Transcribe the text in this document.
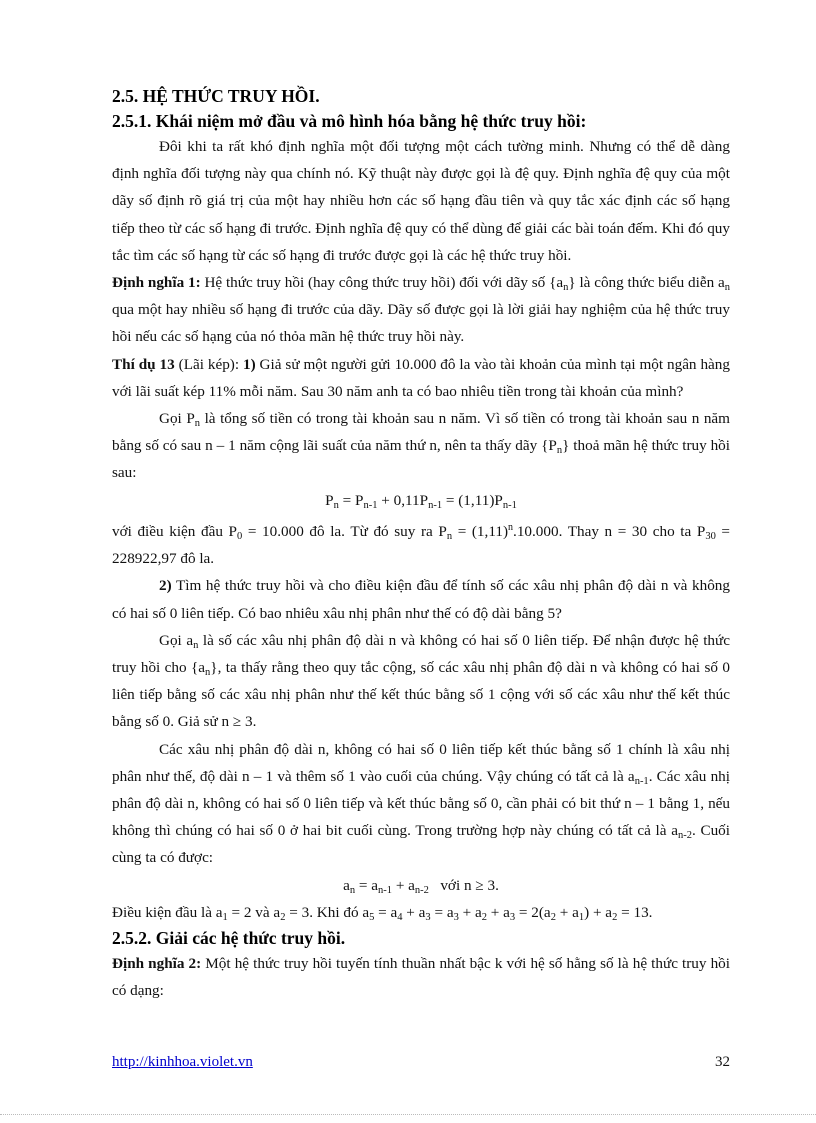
2.5. HỆ THỨC TRUY HỒI.
2.5.1. Khái niệm mở đầu và mô hình hóa bằng hệ thức truy hồi:

Đôi khi ta rất khó định nghĩa một đối tượng một cách tường minh. Nhưng có thể dễ dàng định nghĩa đối tượng này qua chính nó. Kỹ thuật này được gọi là đệ quy. Định nghĩa đệ quy của một dãy số định rõ giá trị của một hay nhiều hơn các số hạng đầu tiên và quy tắc xác định các số hạng tiếp theo từ các số hạng đi trước. Định nghĩa đệ quy có thể dùng để giải các bài toán đếm. Khi đó quy tắc tìm các số hạng từ các số hạng đi trước được gọi là các hệ thức truy hồi.

Định nghĩa 1: Hệ thức truy hồi (hay công thức truy hồi) đối với dãy số $\{a_n\}$ là công thức biểu diễn $a_n$ qua một hay nhiều số hạng đi trước của dãy. Dãy số được gọi là lời giải hay nghiệm của hệ thức truy hồi nếu các số hạng của nó thỏa mãn hệ thức truy hồi này.

Thí dụ 13 (Lãi kép): 1) Giả sử một người gửi 10.000 đô la vào tài khoản của mình tại một ngân hàng với lãi suất kép 11% mỗi năm. Sau 30 năm anh ta có bao nhiêu tiền trong tài khoản của mình?

Gọi $P_n$ là tổng số tiền có trong tài khoản sau n năm. Vì số tiền có trong tài khoản sau n năm bằng số có sau n – 1 năm cộng lãi suất của năm thứ n, nên ta thấy dãy $\{P_n\}$ thoả mãn hệ thức truy hồi sau:

$P_n = P_{n-1} + 0,11P_{n-1} = (1,11)P_{n-1}$

với điều kiện đầu $P_0 = 10.000$ đô la. Từ đó suy ra $P_n = (1,11)^n.10.000$. Thay n = 30 cho ta $P_{30} = 228922,97$ đô la.

2) Tìm hệ thức truy hồi và cho điều kiện đầu để tính số các xâu nhị phân độ dài n và không có hai số 0 liên tiếp. Có bao nhiêu xâu nhị phân như thế có độ dài bằng 5?

Gọi $a_n$ là số các xâu nhị phân độ dài n và không có hai số 0 liên tiếp. Để nhận được hệ thức truy hồi cho $\{a_n\}$, ta thấy rằng theo quy tắc cộng, số các xâu nhị phân độ dài n và không có hai số 0 liên tiếp bằng số các xâu nhị phân như thế kết thúc bằng số 1 cộng với số các xâu như thế kết thúc bằng số 0. Giả sử n ≥ 3.

Các xâu nhị phân độ dài n, không có hai số 0 liên tiếp kết thúc bằng số 1 chính là xâu nhị phân như thế, độ dài n – 1 và thêm số 1 vào cuối của chúng. Vậy chúng có tất cả là $a_{n-1}$. Các xâu nhị phân độ dài n, không có hai số 0 liên tiếp và kết thúc bằng số 0, cần phải có bit thứ n – 1 bằng 1, nếu không thì chúng có hai số 0 ở hai bit cuối cùng. Trong trường hợp này chúng có tất cả là $a_{n-2}$. Cuối cùng ta có được:

$a_n = a_{n-1} + a_{n-2}$   với n ≥ 3.

Điều kiện đầu là $a_1 = 2$ và $a_2 = 3$. Khi đó $a_5 = a_4 + a_3 = a_3 + a_2 + a_3 = 2(a_2 + a_1) + a_2 = 13$.

2.5.2. Giải các hệ thức truy hồi.

Định nghĩa 2: Một hệ thức truy hồi tuyến tính thuần nhất bậc k với hệ số hằng số là hệ thức truy hồi có dạng:

http://kinhhoa.violet.vn	32
